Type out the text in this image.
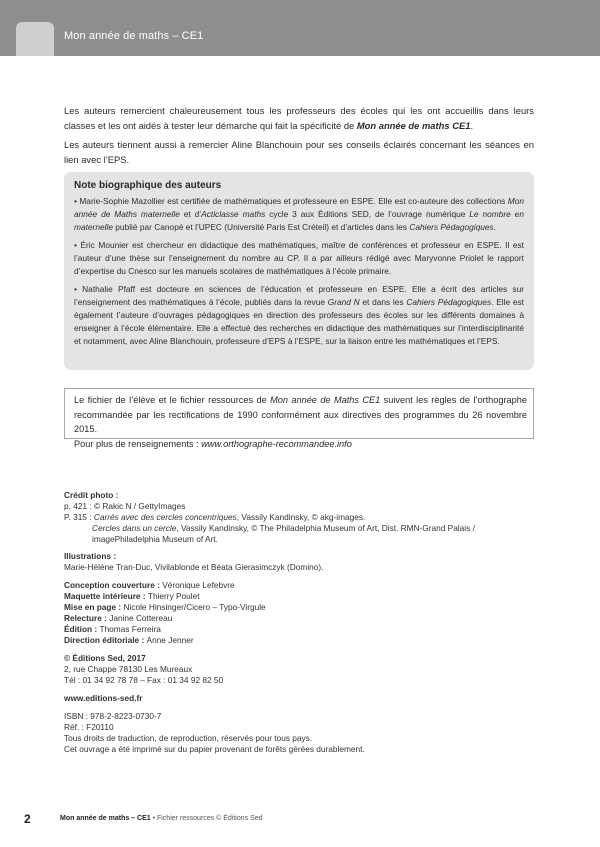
Mon année de maths – CE1

Les auteurs remercient chaleureusement tous les professeurs des écoles qui les ont accueillis dans leurs classes et les ont aidés à tester leur démarche qui fait la spécificité de Mon année de maths CE1.

Les auteurs tiennent aussi à remercier Aline Blanchouin pour ses conseils éclairés concernant les séances en lien avec l’EPS.

Note biographique des auteurs

• Marie-Sophie Mazollier est certifiée de mathématiques et professeure en ESPE. Elle est co-auteure des collections Mon année de Maths maternelle et d’Acticlasse maths cycle 3 aux Éditions SED, de l’ouvrage numérique Le nombre en maternelle publié par Canopé et l’UPEC (Université Paris Est Créteil) et d’articles dans les Cahiers Pédagogiques.

• Éric Mounier est chercheur en didactique des mathématiques, maître de conférences et professeur en ESPE. Il est l’auteur d’une thèse sur l’enseignement du nombre au CP. Il a par ailleurs rédigé avec Maryvonne Priolet le rapport d’expertise du Cnesco sur les manuels scolaires de mathématiques à l’école primaire.

• Nathalie Pfaff est docteure en sciences de l’éducation et professeure en ESPE. Elle a écrit des articles sur l’enseignement des mathématiques à l’école, publiés dans la revue Grand N et dans les Cahiers Pédagogiques. Elle est également l’auteure d’ouvrages pédagogiques en direction des professeurs des écoles sur les différents domaines à enseigner à l’école élémentaire. Elle a effectué des recherches en didactique des mathématiques sur l’interdisciplinarité et notamment, avec Aline Blanchouin, professeure d’EPS à l’ESPE, sur la liaison entre les mathématiques et l’EPS.

Le fichier de l’élève et le fichier ressources de Mon année de Maths CE1 suivent les règles de l’orthographe recommandée par les rectifications de 1990 conformément aux directives des programmes du 26 novembre 2015.

Pour plus de renseignements : www.orthographe-recommandee.info

Crédit photo :
p. 421 : © Rakic N / GettyImages
P. 315 : Carrés avec des cercles concentriques, Vassily Kandinsky, © akg-images.
Cercles dans un cercle, Vassily Kandinsky, © The Philadelphia Museum of Art, Dist. RMN-Grand Palais /
imagePhiladelphia Museum of Art.
Illustrations :
Marie-Hélène Tran-Duc, Vivilablonde et Béata Gierasimczyk (Domino).
Conception couverture : Véronique Lefebvre
Maquette intérieure : Thierry Poulet
Mise en page : Nicole Hinsinger/Cicero – Typo-Virgule
Relecture : Janine Cottereau
Édition : Thomas Ferreira
Direction éditoriale : Anne Jenner
© Éditions Sed, 2017
2, rue Chappe 78130 Les Mureaux
Tél : 01 34 92 78 78 – Fax : 01 34 92 82 50
www.editions-sed.fr
ISBN : 978-2-8223-0730-7
Réf. : F20110
Tous droits de traduction, de reproduction, réservés pour tous pays.
Cet ouvrage a été imprimé sur du papier provenant de forêts gérées durablement.
2	Mon année de maths – CE1 • Fichier ressources © Éditions Sed
